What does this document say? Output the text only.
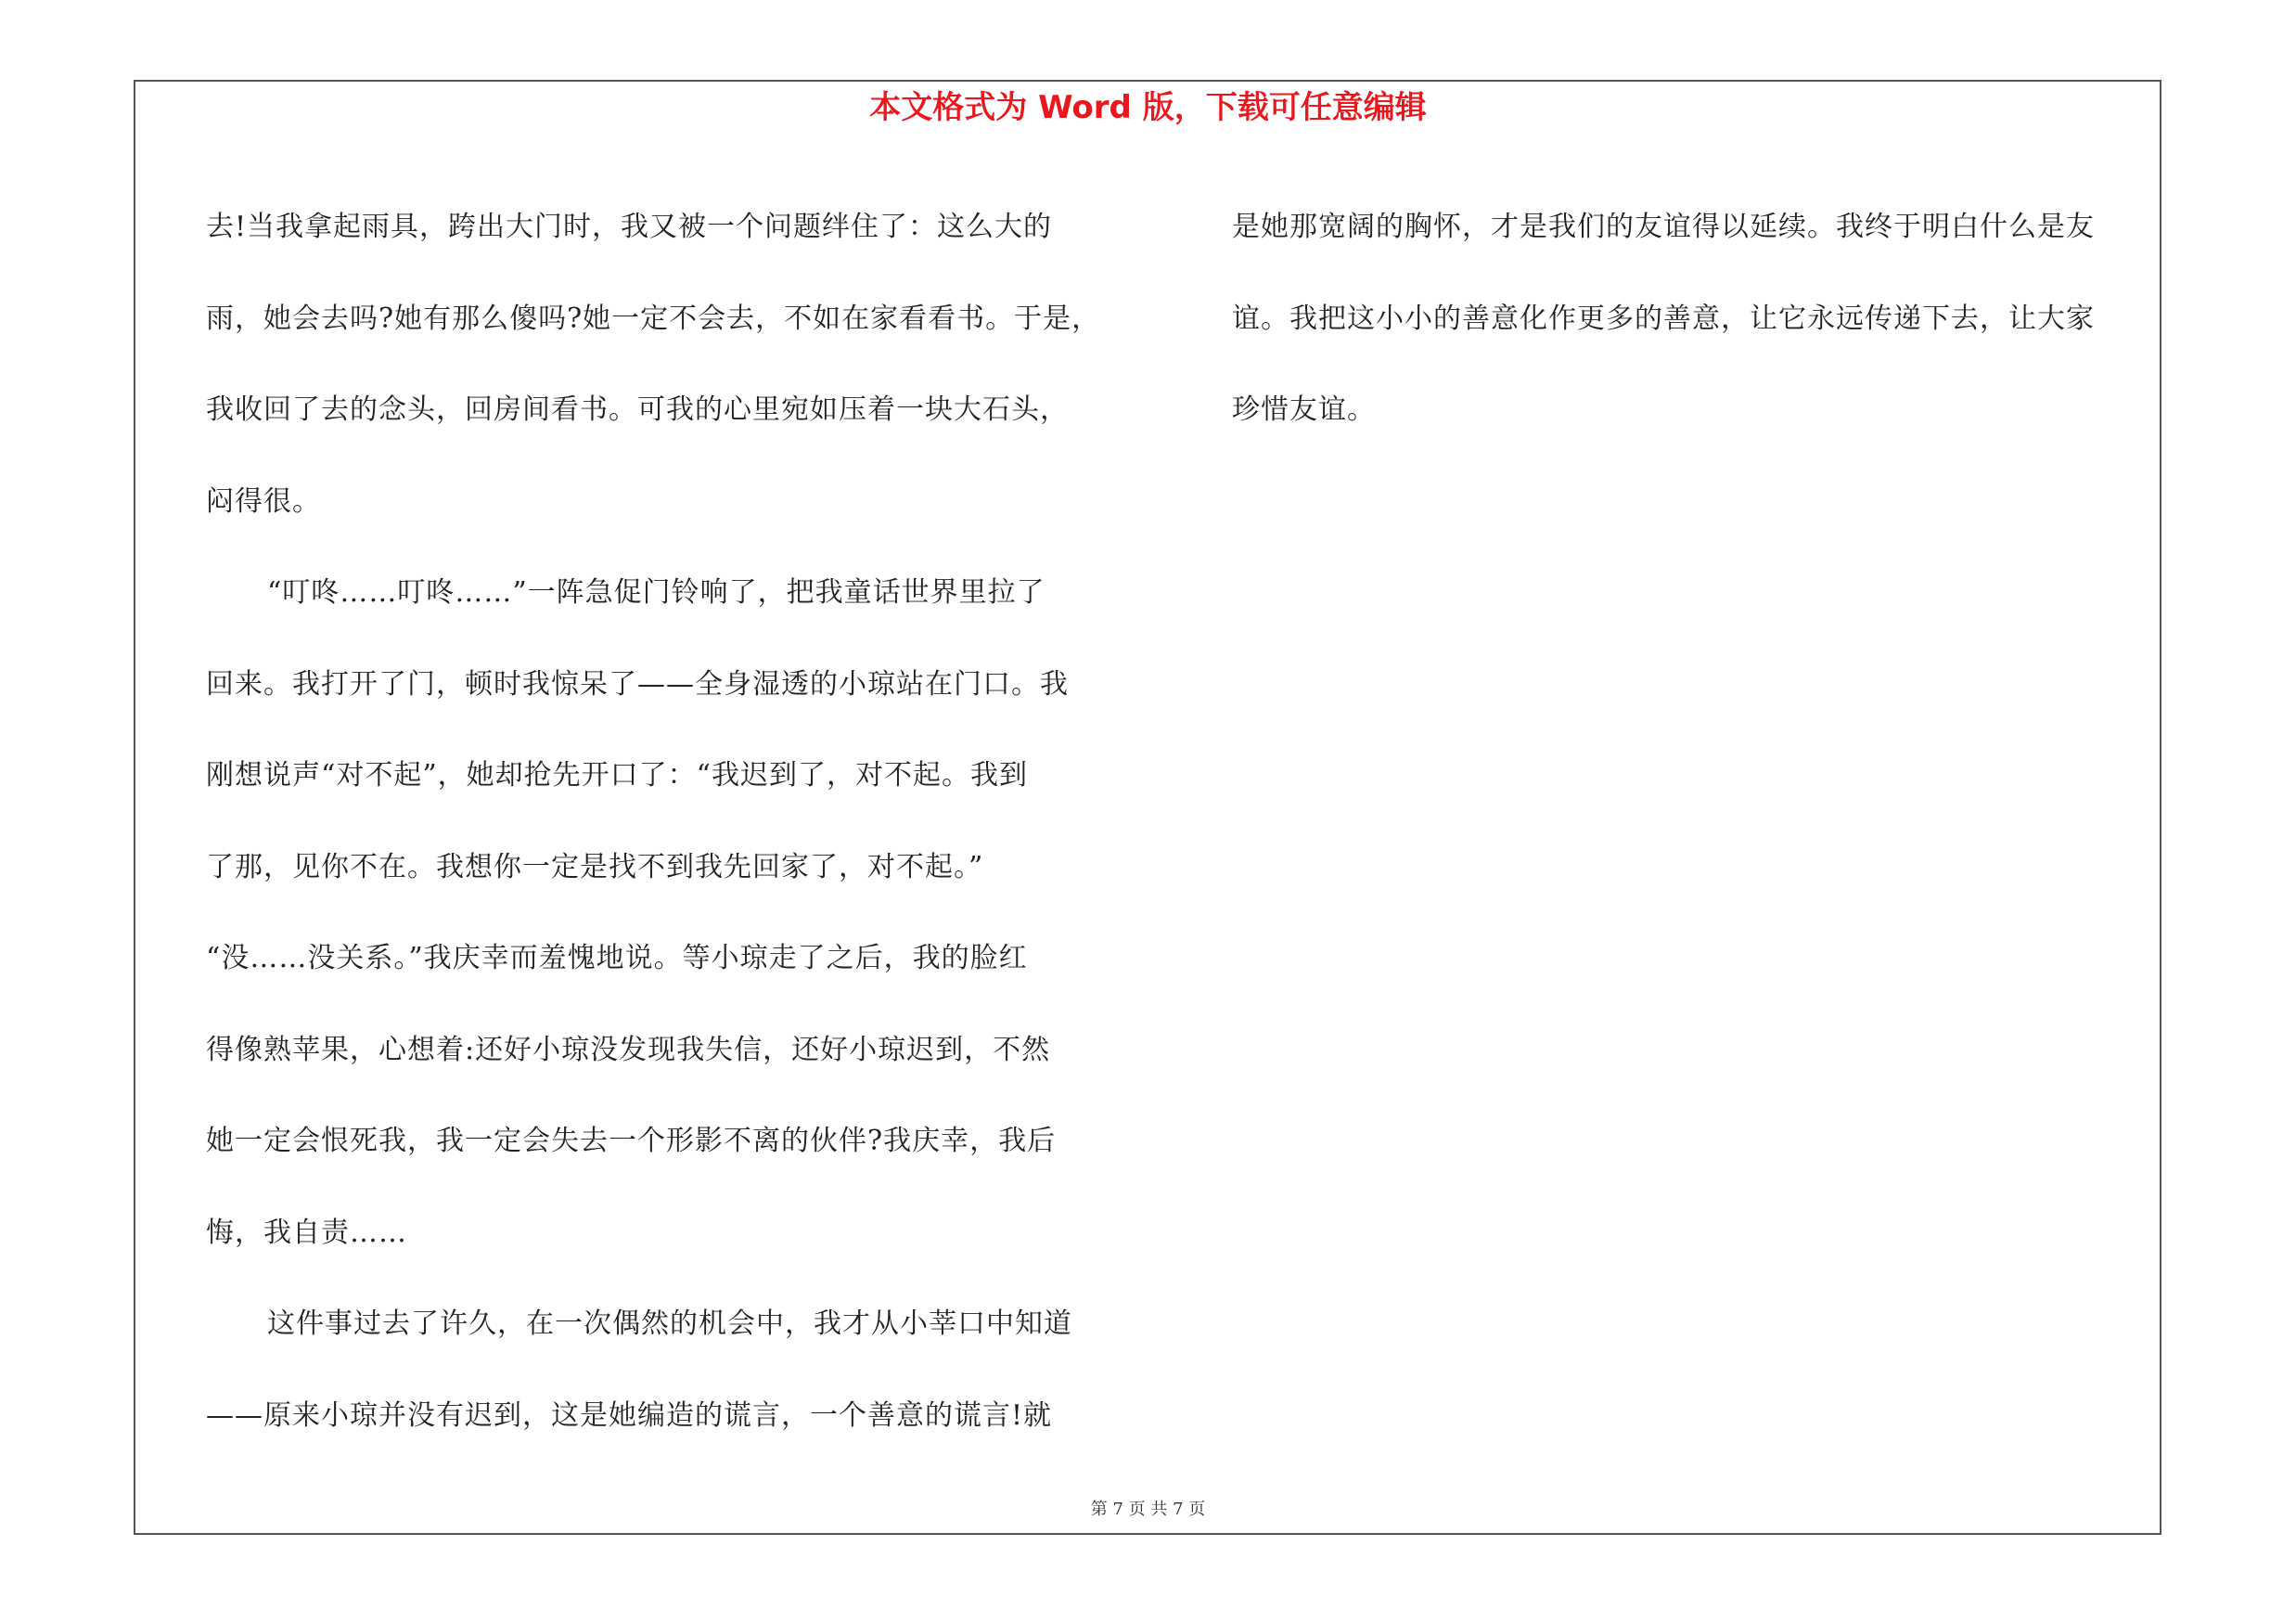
本文格式为 Word 版，下载可任意编辑
去!当我拿起雨具，跨出大门时，我又被一个问题绊住了：这么大的
雨，她会去吗?她有那么傻吗?她一定不会去，不如在家看看书。于是，
我收回了去的念头，回房间看书。可我的心里宛如压着一块大石头，
闷得很。
“叮咚……叮咚……”一阵急促门铃响了，把我童话世界里拉了
回来。我打开了门，顿时我惊呆了——全身湿透的小琼站在门口。我
刚想说声“对不起”，她却抢先开口了：“我迟到了，对不起。我到
了那，见你不在。我想你一定是找不到我先回家了，对不起。”
“没……没关系。”我庆幸而羞愧地说。等小琼走了之后，我的脸红
得像熟苹果，心想着:还好小琼没发现我失信，还好小琼迟到，不然
她一定会恨死我，我一定会失去一个形影不离的伙伴?我庆幸，我后
悔，我自责……
这件事过去了许久，在一次偶然的机会中，我才从小莘口中知道
——原来小琼并没有迟到，这是她编造的谎言，一个善意的谎言!就
是她那宽阔的胸怀，才是我们的友谊得以延续。我终于明白什么是友
谊。我把这小小的善意化作更多的善意，让它永远传递下去，让大家
珍惜友谊。
第 7 页 共 7 页
